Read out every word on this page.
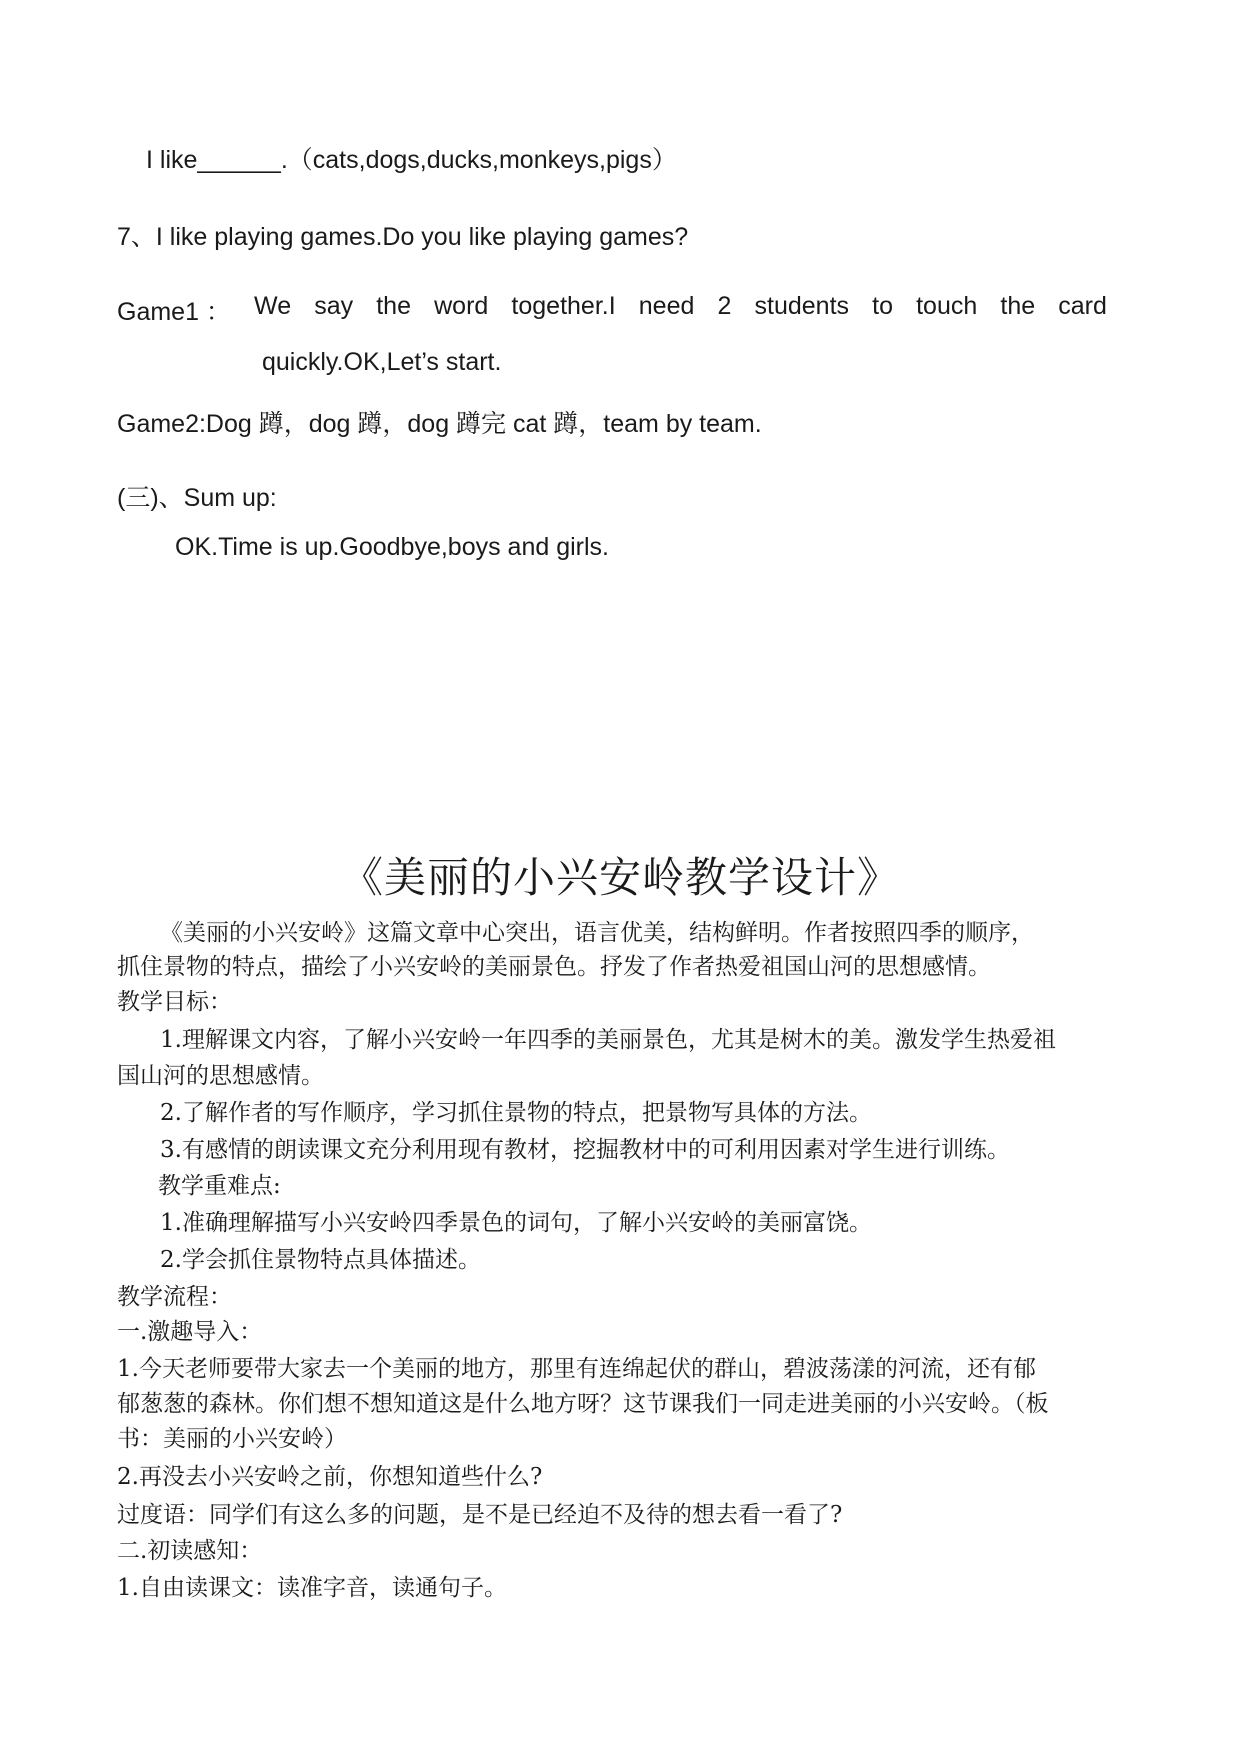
I like______.（cats,dogs,ducks,monkeys,pigs）
7、I like playing games.Do you like playing games?
Game1 ： We say the word together.I need 2 students to touch the card
quickly.OK,Let’s start.
Game2:Dog 蹲，dog 蹲，dog 蹲完 cat 蹲，team by team.
(三)、Sum up:
OK.Time is up.Goodbye,boys and girls.
《美丽的小兴安岭教学设计》
《美丽的小兴安岭》这篇文章中心突出，语言优美，结构鲜明。作者按照四季的顺序，
抓住景物的特点，描绘了小兴安岭的美丽景色。抒发了作者热爱祖国山河的思想感情。
教学目标：
1.理解课文内容，了解小兴安岭一年四季的美丽景色，尤其是树木的美。激发学生热爱祖
国山河的思想感情。
2.了解作者的写作顺序，学习抓住景物的特点，把景物写具体的方法。
3.有感情的朗读课文充分利用现有教材，挖掘教材中的可利用因素对学生进行训练。
教学重难点:
1.准确理解描写小兴安岭四季景色的词句，了解小兴安岭的美丽富饶。
2.学会抓住景物特点具体描述。
教学流程：
一.激趣导入：
1.今天老师要带大家去一个美丽的地方，那里有连绵起伏的群山，碧波荡漾的河流，还有郁
郁葱葱的森林。你们想不想知道这是什么地方呀？这节课我们一同走进美丽的小兴安岭。（板
书：美丽的小兴安岭）
2.再没去小兴安岭之前，你想知道些什么?
过度语：同学们有这么多的问题，是不是已经迫不及待的想去看一看了?
二.初读感知：
1.自由读课文：读准字音，读通句子。
